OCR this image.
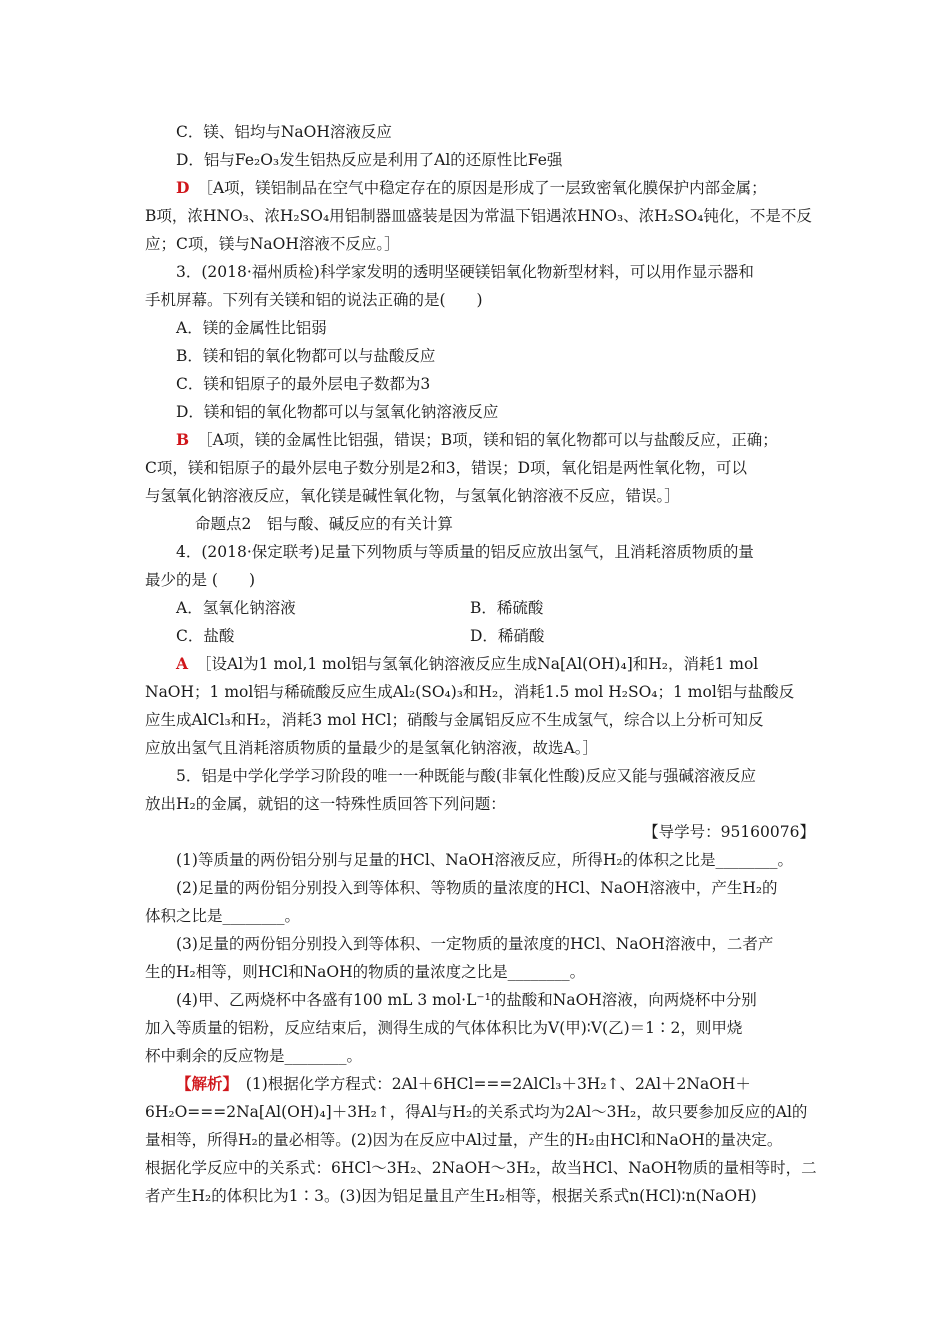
C．镁、铝均与NaOH溶液反应
D．铝与Fe₂O₃发生铝热反应是利用了Al的还原性比Fe强
D ［A项，镁铝制品在空气中稳定存在的原因是形成了一层致密氧化膜保护内部金属；
B项，浓HNO₃、浓H₂SO₄用铝制器皿盛装是因为常温下铝遇浓HNO₃、浓H₂SO₄钝化，不是不反
应；C项，镁与NaOH溶液不反应。］
3．(2018·福州质检)科学家发明的透明坚硬镁铝氧化物新型材料，可以用作显示器和
手机屏幕。下列有关镁和铝的说法正确的是(　　)
A．镁的金属性比铝弱
B．镁和铝的氧化物都可以与盐酸反应
C．镁和铝原子的最外层电子数都为3
D．镁和铝的氧化物都可以与氢氧化钠溶液反应
B ［A项，镁的金属性比铝强，错误；B项，镁和铝的氧化物都可以与盐酸反应，正确；
C项，镁和铝原子的最外层电子数分别是2和3，错误；D项，氧化铝是两性氧化物，可以
与氢氧化钠溶液反应，氧化镁是碱性氧化物，与氢氧化钠溶液不反应，错误。］
命题点2　铝与酸、碱反应的有关计算
4．(2018·保定联考)足量下列物质与等质量的铝反应放出氢气，且消耗溶质物质的量
最少的是 (　　)
A．氢氧化钠溶液	B．稀硫酸
C．盐酸	D．稀硝酸
A ［设Al为1 mol,1 mol铝与氢氧化钠溶液反应生成Na[Al(OH)₄]和H₂，消耗1 mol
NaOH；1 mol铝与稀硫酸反应生成Al₂(SO₄)₃和H₂，消耗1.5 mol H₂SO₄；1 mol铝与盐酸反
应生成AlCl₃和H₂，消耗3 mol HCl；硝酸与金属铝反应不生成氢气，综合以上分析可知反
应放出氢气且消耗溶质物质的量最少的是氢氧化钠溶液，故选A。］
5．铝是中学化学学习阶段的唯一一种既能与酸(非氧化性酸)反应又能与强碱溶液反应
放出H₂的金属，就铝的这一特殊性质回答下列问题：
【导学号：95160076】
(1)等质量的两份铝分别与足量的HCl、NaOH溶液反应，所得H₂的体积之比是________。
(2)足量的两份铝分别投入到等体积、等物质的量浓度的HCl、NaOH溶液中，产生H₂的
体积之比是________。
(3)足量的两份铝分别投入到等体积、一定物质的量浓度的HCl、NaOH溶液中，二者产
生的H₂相等，则HCl和NaOH的物质的量浓度之比是________。
(4)甲、乙两烧杯中各盛有100 mL 3 mol·L⁻¹的盐酸和NaOH溶液，向两烧杯中分别
加入等质量的铝粉，反应结束后，测得生成的气体体积比为V(甲)∶V(乙)＝1∶2，则甲烧
杯中剩余的反应物是________。
【解析】　 (1)根据化学方程式：2Al＋6HCl===2AlCl₃＋3H₂↑、2Al＋2NaOH＋
6H₂O===2Na[Al(OH)₄]＋3H₂↑，得Al与H₂的关系式均为2Al～3H₂，故只要参加反应的Al的
量相等，所得H₂的量必相等。(2)因为在反应中Al过量，产生的H₂由HCl和NaOH的量决定。
根据化学反应中的关系式：6HCl～3H₂、2NaOH～3H₂，故当HCl、NaOH物质的量相等时，二
者产生H₂的体积比为1∶3。(3)因为铝足量且产生H₂相等，根据关系式n(HCl)∶n(NaOH)
